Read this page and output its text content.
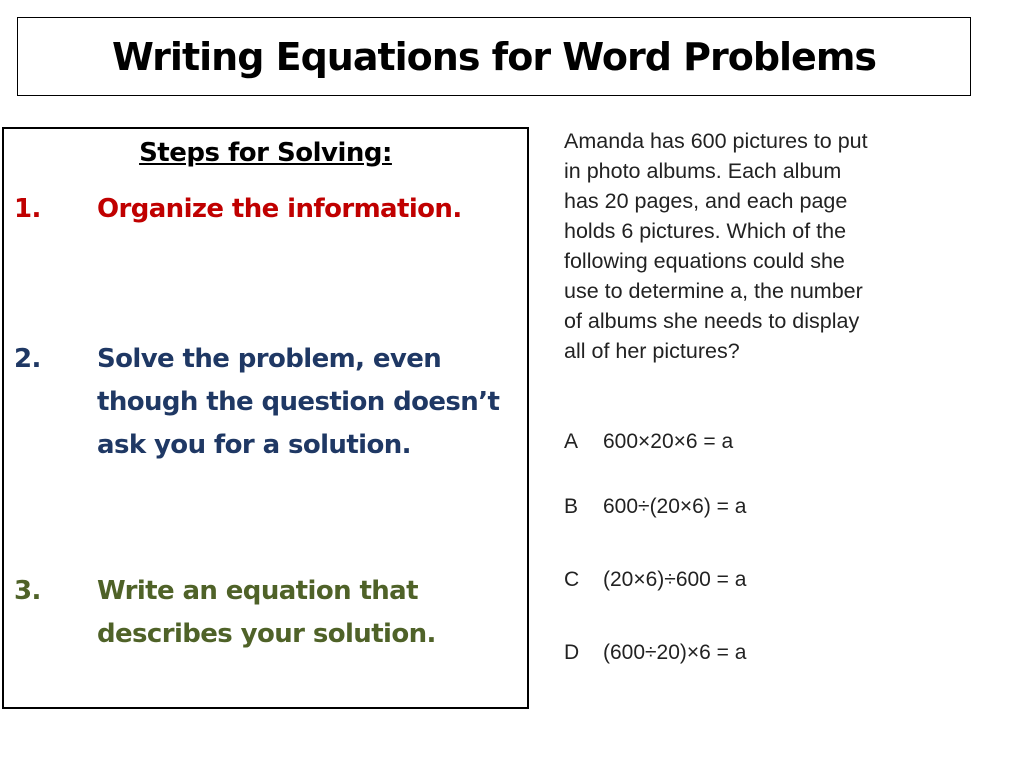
Writing Equations for Word Problems
Steps for Solving:
1. Organize the information.
2. Solve the problem, even though the question doesn’t ask you for a solution.
3. Write an equation that describes your solution.
Amanda has 600 pictures to put
in photo albums. Each album
has 20 pages, and each page
holds 6 pictures. Which of the
following equations could she
use to determine a, the number
of albums she needs to display
all of her pictures?
A	600×20×6 = a
B	600÷(20×6) = a
C	(20×6)÷600 = a
D	(600÷20)×6 = a
